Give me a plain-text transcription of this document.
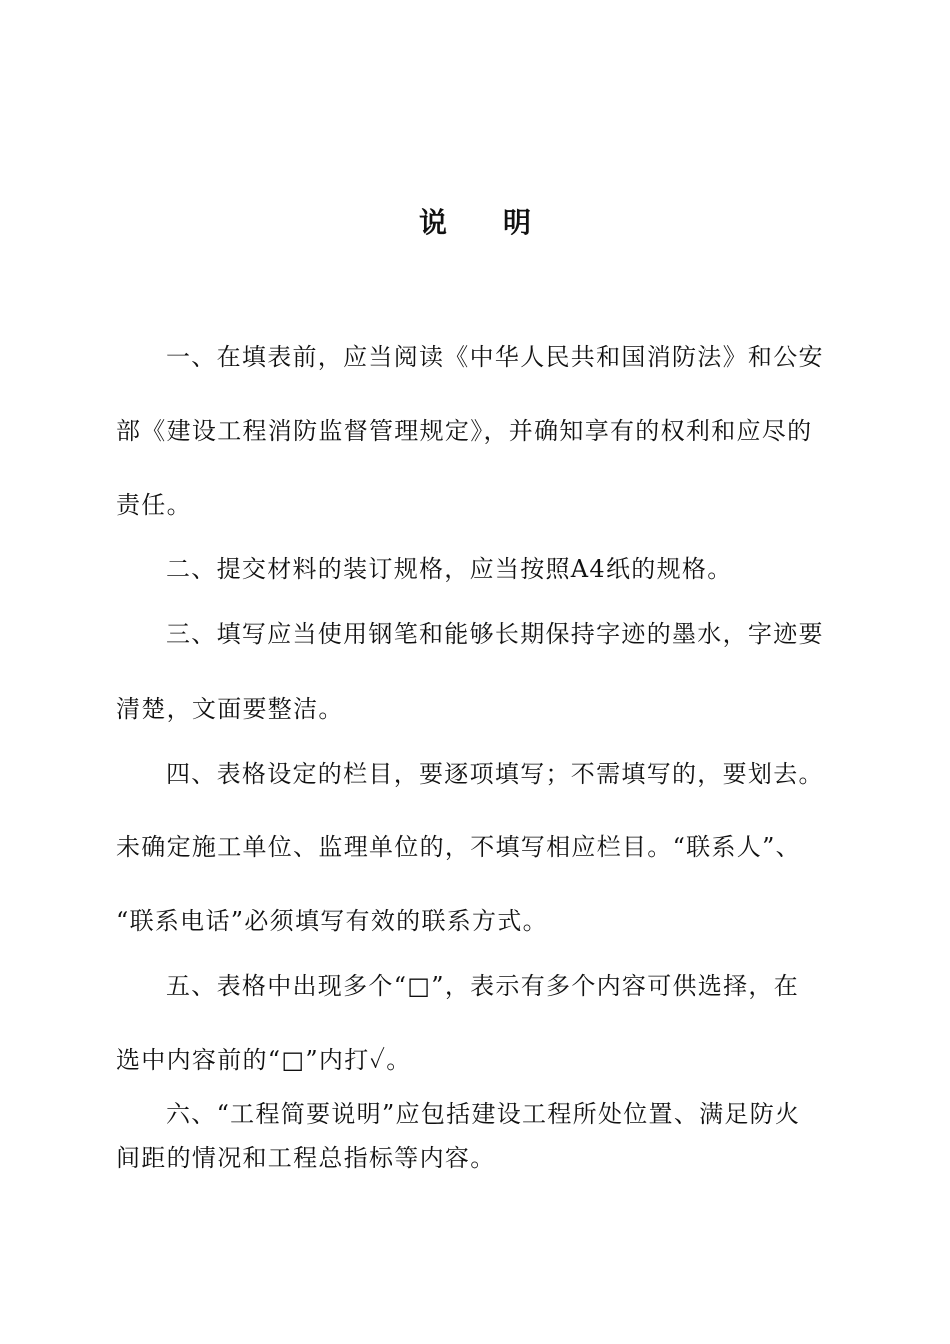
说 明
一、在填表前，应当阅读《中华人民共和国消防法》和公安
部《建设工程消防监督管理规定》，并确知享有的权利和应尽的
责任。
二、提交材料的装订规格，应当按照A4纸的规格。
三、填写应当使用钢笔和能够长期保持字迹的墨水，字迹要
清楚，文面要整洁。
四、表格设定的栏目，要逐项填写；不需填写的，要划去。
未确定施工单位、监理单位的，不填写相应栏目。“联系人”、
“联系电话”必须填写有效的联系方式。
五、表格中出现多个“□”，表示有多个内容可供选择，在
选中内容前的“□”内打✓。
六、“工程简要说明”应包括建设工程所处位置、满足防火
间距的情况和工程总指标等内容。
